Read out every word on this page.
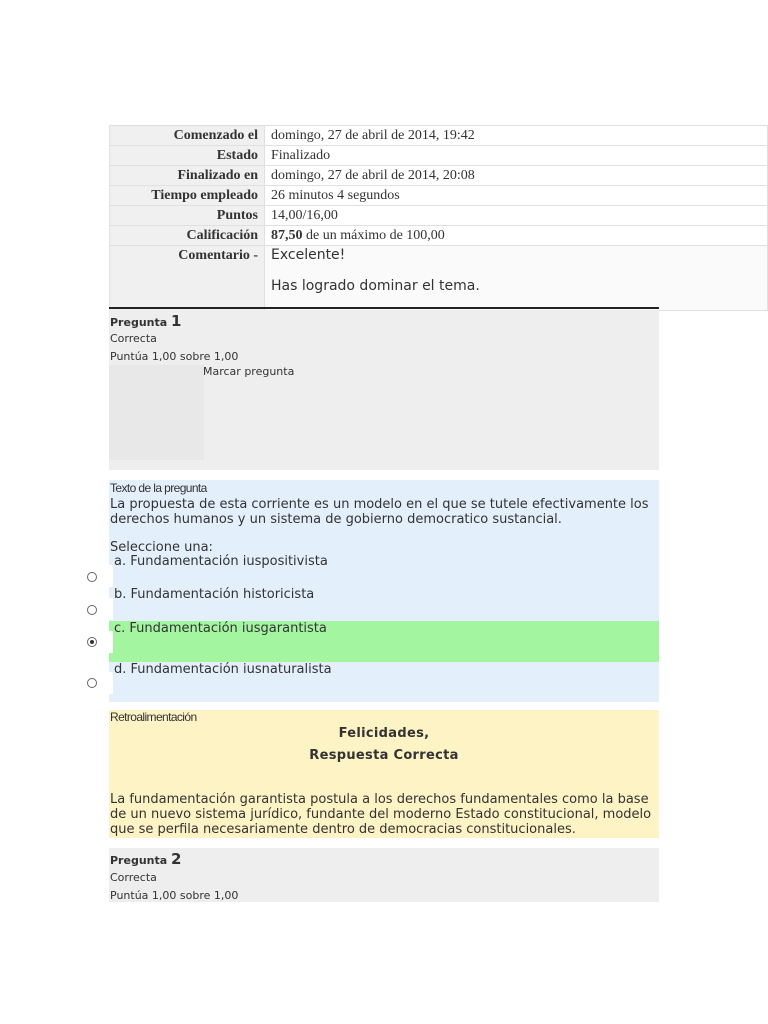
Comenzado el	domingo, 27 de abril de 2014, 19:42
Estado	Finalizado
Finalizado en	domingo, 27 de abril de 2014, 20:08
Tiempo empleado	26 minutos 4 segundos
Puntos	14,00/16,00
Calificación	87,50 de un máximo de 100,00
Comentario -	Excelente!

Has logrado dominar el tema.

Pregunta 1
Correcta
Puntúa 1,00 sobre 1,00
Marcar pregunta
Texto de la pregunta
La propuesta de esta corriente es un modelo en el que se tutele efectivamente los derechos humanos y un sistema de gobierno democratico sustancial.
Seleccione una:
a. Fundamentación iuspositivista
b. Fundamentación historicista
c. Fundamentación iusgarantista
d. Fundamentación iusnaturalista
Retroalimentación
Felicidades,
Respuesta Correcta
La fundamentación garantista postula a los derechos fundamentales como la base de un nuevo sistema jurídico, fundante del moderno Estado constitucional, modelo que se perfila necesariamente dentro de democracias constitucionales.
Pregunta 2
Correcta
Puntúa 1,00 sobre 1,00
